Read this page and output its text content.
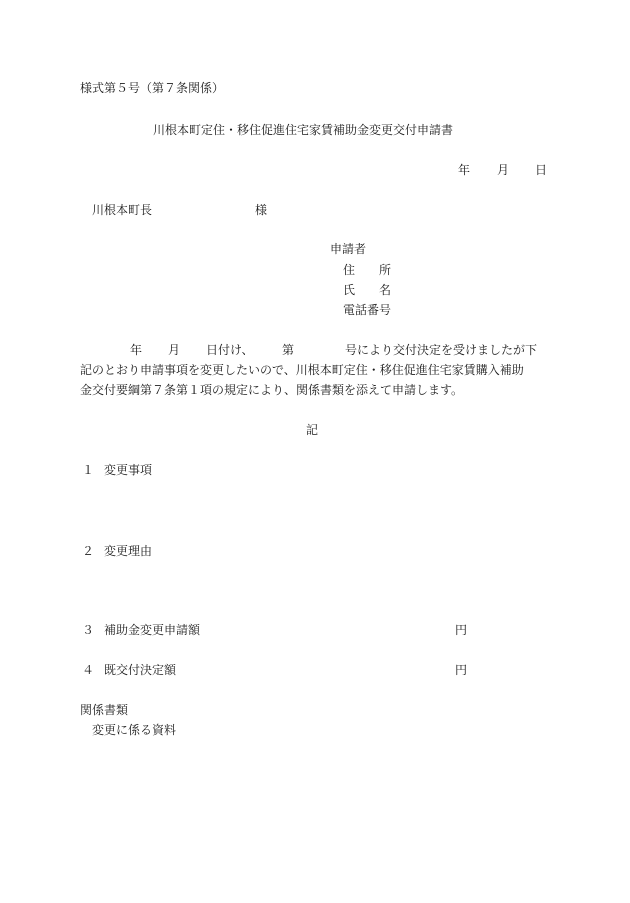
様式第５号（第７条関係）
川根本町定住・移住促進住宅家賃補助金変更交付申請書
年 月 日
川根本町長	様
申請者
住　　所
氏　　名
電話番号
年 月 日付け、 第	号により交付決定を受けましたが下
記のとおり申請事項を変更したいので、川根本町定住・移住促進住宅家賃購入補助
金交付要綱第７条第１項の規定により、関係書類を添えて申請します。
記
１ 変更事項
２ 変更理由
３ 補助金変更申請額	円
４ 既交付決定額	円
関係書類
変更に係る資料
